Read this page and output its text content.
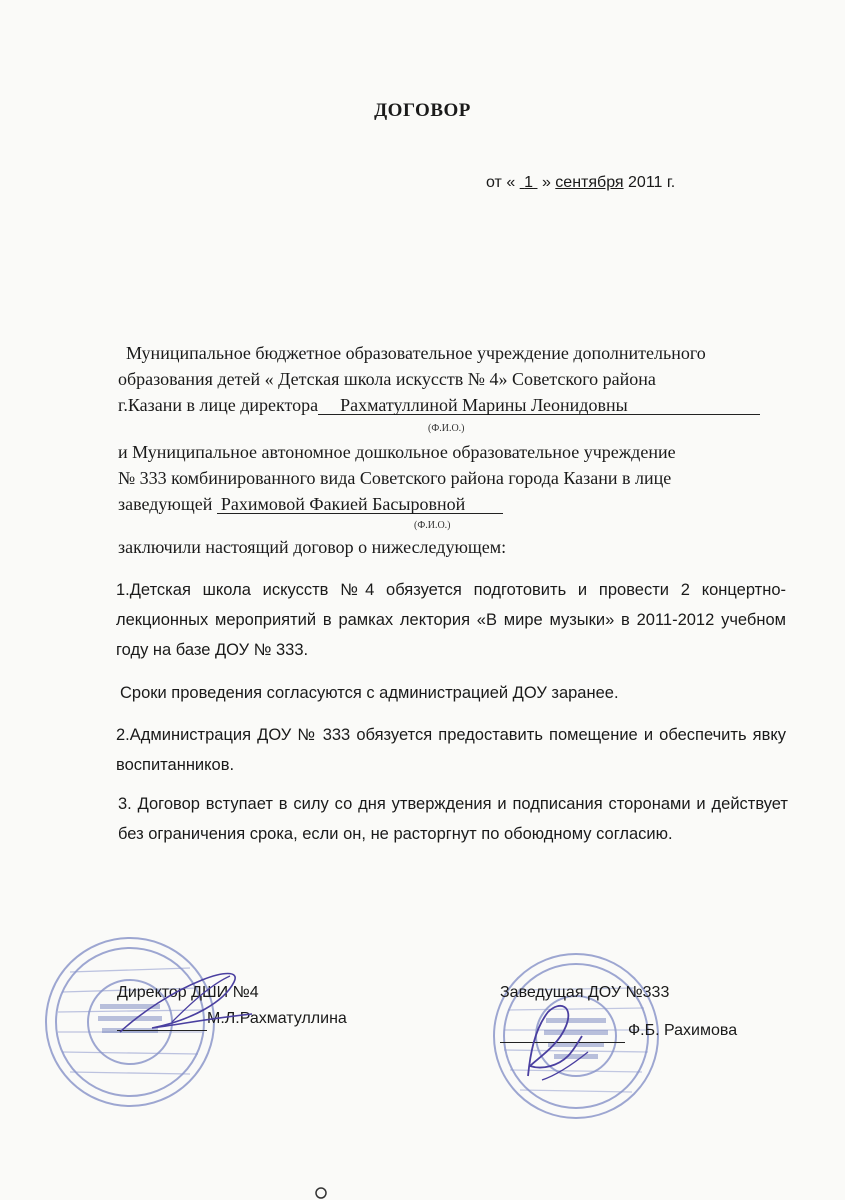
ДОГОВОР
от « 1 » сентября 2011 г.
Муниципальное бюджетное образовательное учреждение дополнительного
образования детей « Детская школа искусств № 4» Советского района
г.Казани в лице директора Рахматуллиной Марины Леонидовны
(Ф.И.О.)
и Муниципальное автономное дошкольное образовательное учреждение
№ 333 комбинированного вида Советского района города Казани в лице
заведующей Рахимовой Факией Басыровной
(Ф.И.О.)
заключили настоящий договор о нижеследующем:
1.Детская школа искусств №4 обязуется подготовить и провести 2 концертно-лекционных мероприятий в рамках лектория «В мире музыки» в 2011-2012 учебном году на базе ДОУ № 333.
Сроки проведения согласуются с администрацией ДОУ заранее.
2.Администрация ДОУ № 333 обязуется предоставить помещение и обеспечить явку воспитанников.
3. Договор вступает в силу со дня утверждения и подписания сторонами и действует без ограничения срока, если он, не расторгнут по обоюдному согласию.
Директор ДШИ №4
М.Л.Рахматуллина
Заведущая ДОУ №333
Ф.Б. Рахимова
